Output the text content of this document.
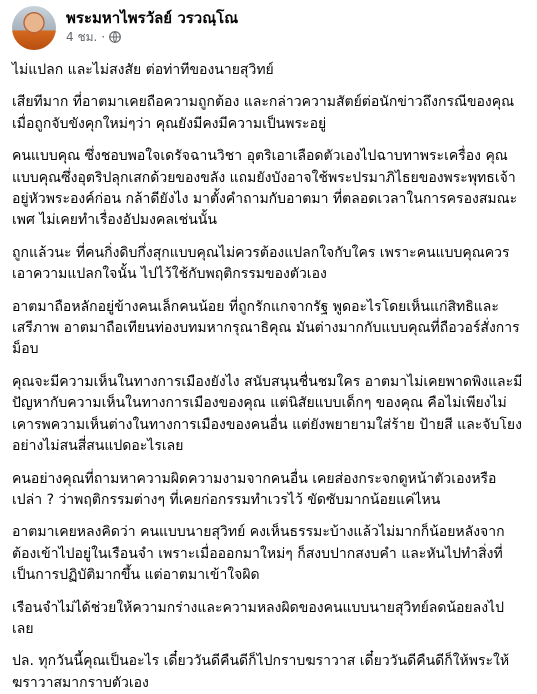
พระมหาไพรวัลย์ วรวณฺโณ
4 ชม. ·

ไม่แปลก และไม่สงสัย ต่อท่าทีของนายสุวิทย์

เสียทีมาก ที่อาตมาเคยถือความถูกต้อง และกล่าวความสัตย์ต่อนักข่าวถึงกรณีของคุณเมื่อถูกจับขังคุกใหม่ๆว่า คุณยังมีคงมีความเป็นพระอยู่

คนแบบคุณ ซึ่งชอบพอใจเดรัจฉานวิชา อุตริเอาเลือดตัวเองไปฉาบทาพระเครื่อง คุณแบบคุณซึ่งอุตริปลุกเสกด้วยของขลัง แถมยังบังอาจใช้พระปรมาภิไธยของพระพุทธเจ้าอยู่หัวพระองค์ก่อน กล้าดียังไง มาตั้งคำถามกับอาตมา ที่ตลอดเวลาในการครองสมณะเพศ ไม่เคยทำเรื่องอัปมงคลเช่นนั้น

ถูกแล้วนะ ที่คนกิ่งดิบกึ่งสุกแบบคุณไม่ควรต้องแปลกใจกับใคร เพราะคนแบบคุณควรเอาความแปลกใจนั้น ไปไว้ใช้กับพฤติกรรมของตัวเอง

อาตมาถือหลักอยู่ข้างคนเล็กคนน้อย ที่ถูกรักแกจากรัฐ พูดอะไรโดยเห็นแก่สิทธิและเสรีภาพ อาตมาถือเทียนท่องบทมหากรุณาธิคุณ มันต่างมากกับแบบคุณที่ถือวอร์สั่งการม็อบ

คุณจะมีความเห็นในทางการเมืองยังไง สนับสนุนชื่นชมใคร อาตมาไม่เคยพาดพิงและมีปัญหากับความเห็นในทางการเมืองของคุณ แต่นิสัยแบบเด็กๆ ของคุณ คือไม่เพียงไม่เคารพความเห็นต่างในทางการเมืองของคนอื่น แต่ยังพยายามใส่ร้าย ป้ายสี และจับโยงอย่างไม่สนสี่สนแปดอะไรเลย

คนอย่างคุณที่ถามหาความผิดความงามจากคนอื่น เคยส่องกระจกดูหน้าตัวเองหรือเปล่า ? ว่าพฤติกรรมต่างๆ ที่เคยก่อกรรมทำเวรไว้ ขัดซับมากน้อยแค่ไหน

อาตมาเคยหลงคิดว่า คนแบบนายสุวิทย์ คงเห็นธรรมะบ้างแล้วไม่มากก็น้อยหลังจากต้องเข้าไปอยู่ในเรือนจำ เพราะเมื่อออกมาใหม่ๆ ก็สงบปากสงบคำ และหันไปทำสิ่งที่เป็นการปฏิบัติมากขึ้น แต่อาตมาเข้าใจผิด

เรือนจำไม่ได้ช่วยให้ความกร่างและความหลงผิดของคนแบบนายสุวิทย์ลดน้อยลงไปเลย

ปล. ทุกวันนี้คุณเป็นอะไร เดี๋ยววันดีคืนดีก็ไปกราบฆราวาส เดี๋ยววันดีคืนดีก็ให้พระให้ฆราวาสมากราบตัวเอง
